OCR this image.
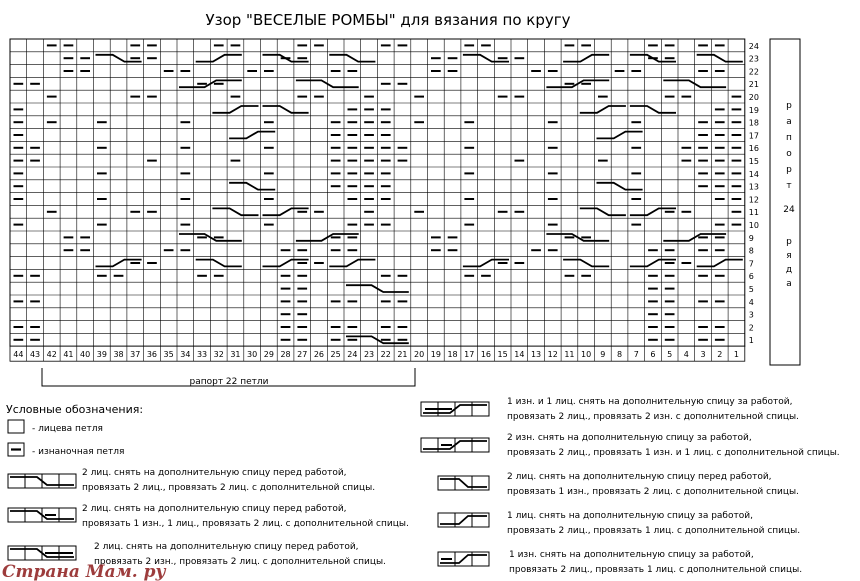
Узор "ВЕСЕЛЫЕ РОМБЫ" для вязания по кругу
44 43 42 41 40 39 38 37 36 35 34 33 32 31 30 29 28 27 26 25 24 23 22 21 20 19 18 17 16 15 14 13 12 11 10 9 8 7 6 5 4 3 2 1
1
2
3
4
5
6
7
8
9
10
11
12
13
14
15
16
17
18
19
20
21
22
23
24
р
а
п
о
р
т
24
р
я
д
а
рапорт 22 петли
Условные обозначения:
- лицева петля
- изнаночная петля
2 лиц. снять на дополнительную спицу перед работой,
провязать 2 лиц., провязать 2 лиц. с дополнительной спицы.
2 лиц. снять на дополнительную спицу перед работой,
провязать 1 изн., 1 лиц., провязать 2 лиц. с дополнительной спицы.
2 лиц. снять на дополнительную спицу перед работой,
провязать 2 изн., провязать 2 лиц. с дополнительной спицы.
1 изн. и 1 лиц. снять на дополнительную спицу за работой,
провязать 2 лиц., провязать 2 изн. с дополнительной спицы.
2 изн. снять на дополнительную спицу за работой,
провязать 2 лиц., провязать 1 изн. и 1 лиц. с дополнительной спицы.
2 лиц. снять на дополнительную спицу перед работой,
провязать 1 изн., провязать 2 лиц. с дополнительной спицы.
1 лиц. снять на дополнительную спицу за работой,
провязать 2 лиц., провязать 1 лиц. с дополнительной спицы.
1 изн. снять на дополнительную спицу за работой,
провязать 2 лиц., провязать 1 лиц. с дополнительной спицы.
Страна Мам. ру
